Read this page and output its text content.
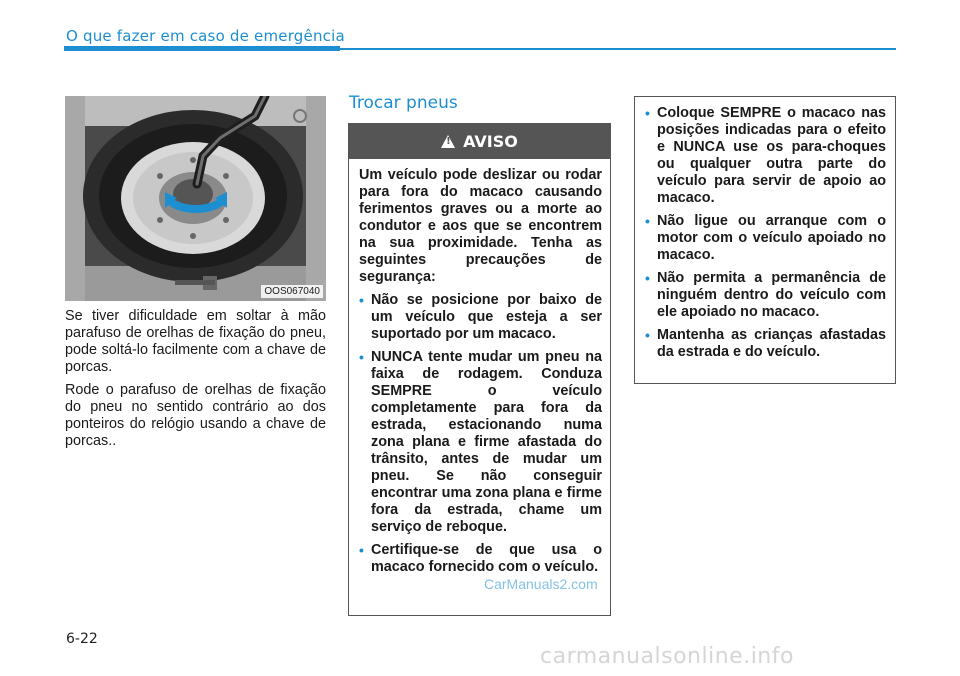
O que fazer em caso de emergência
OOS067040

Se tiver dificuldade em soltar à mão parafuso de orelhas de fixação do pneu, pode soltá-lo facilmente com a chave de porcas.

Rode o parafuso de orelhas de fixação do pneu no sentido contrário ao dos ponteiros do relógio usando a chave de porcas..

Trocar pneus
!
AVISO

Um veículo pode deslizar ou rodar para fora do macaco causando ferimentos graves ou a morte ao condutor e aos que se encontrem na sua proximidade. Tenha as seguintes precauções de segurança:

• Não se posicione por baixo de um veículo que esteja a ser suportado por um macaco.
• NUNCA tente mudar um pneu na faixa de rodagem. Conduza SEMPRE o veículo completamente para fora da estrada, estacionando numa zona plana e firme afastada do trânsito, antes de mudar um pneu. Se não conseguir encontrar uma zona plana e firme fora da estrada, chame um serviço de reboque.
• Certifique-se de que usa o macaco fornecido com o veículo.
• Coloque SEMPRE o macaco nas posições indicadas para o efeito e NUNCA use os para-choques ou qualquer outra parte do veículo para servir de apoio ao macaco.
• Não ligue ou arranque com o motor com o veículo apoiado no macaco.
• Não permita a permanência de ninguém dentro do veículo com ele apoiado no macaco.
• Mantenha as crianças afastadas da estrada e do veículo.
CarManuals2.com
6-22
carmanualsonline.info
